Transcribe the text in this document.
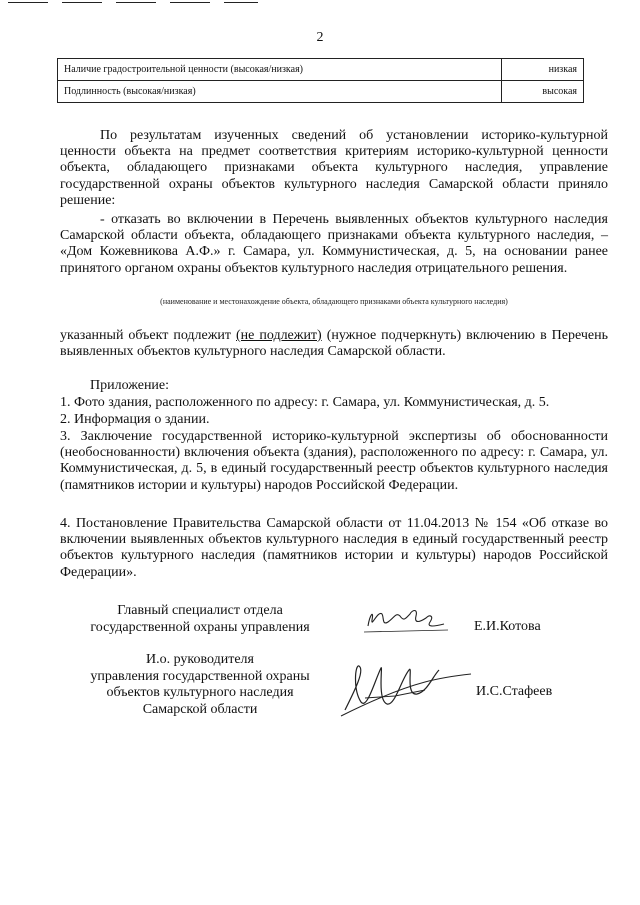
2
Наличие градостроительной ценности (высокая/низкая)	низкая
Подлинность (высокая/низкая)	высокая

По результатам изученных сведений об установлении историко-культурной ценности объекта на предмет соответствия критериям историко-культурной ценности объекта, обладающего признаками объекта культурного наследия, управление государственной охраны объектов культурного наследия Самарской области приняло решение:

- отказать во включении в Перечень выявленных объектов культурного наследия Самарской области объекта, обладающего признаками объекта культурного наследия, – «Дом Кожевникова А.Ф.» г. Самара, ул. Коммунистическая, д. 5, на основании ранее принятого органом охраны объектов культурного наследия отрицательного решения.

(наименование и местонахождение объекта, обладающего признаками объекта культурного наследия)

указанный объект подлежит (не подлежит) (нужное подчеркнуть) включению в Перечень выявленных объектов культурного наследия Самарской области.

Приложение:

1. Фото здания, расположенного по адресу: г. Самара, ул. Коммунистическая, д. 5.

2. Информация о здании.

3. Заключение государственной историко-культурной экспертизы об обоснованности (необоснованности) включения объекта (здания), расположенного по адресу: г. Самара, ул. Коммунистическая, д. 5, в единый государственный реестр объектов культурного наследия (памятников истории и культуры) народов Российской Федерации.

4. Постановление Правительства Самарской области от 11.04.2013 № 154 «Об отказе во включении выявленных объектов культурного наследия в единый государственный реестр объектов культурного наследия (памятников истории и культуры) народов Российской Федерации».

Главный специалист отдела
государственной охраны управления	Е.И.Котова
И.о. руководителя
управления государственной охраны
объектов культурного наследия
Самарской области
И.С.Стафеев
